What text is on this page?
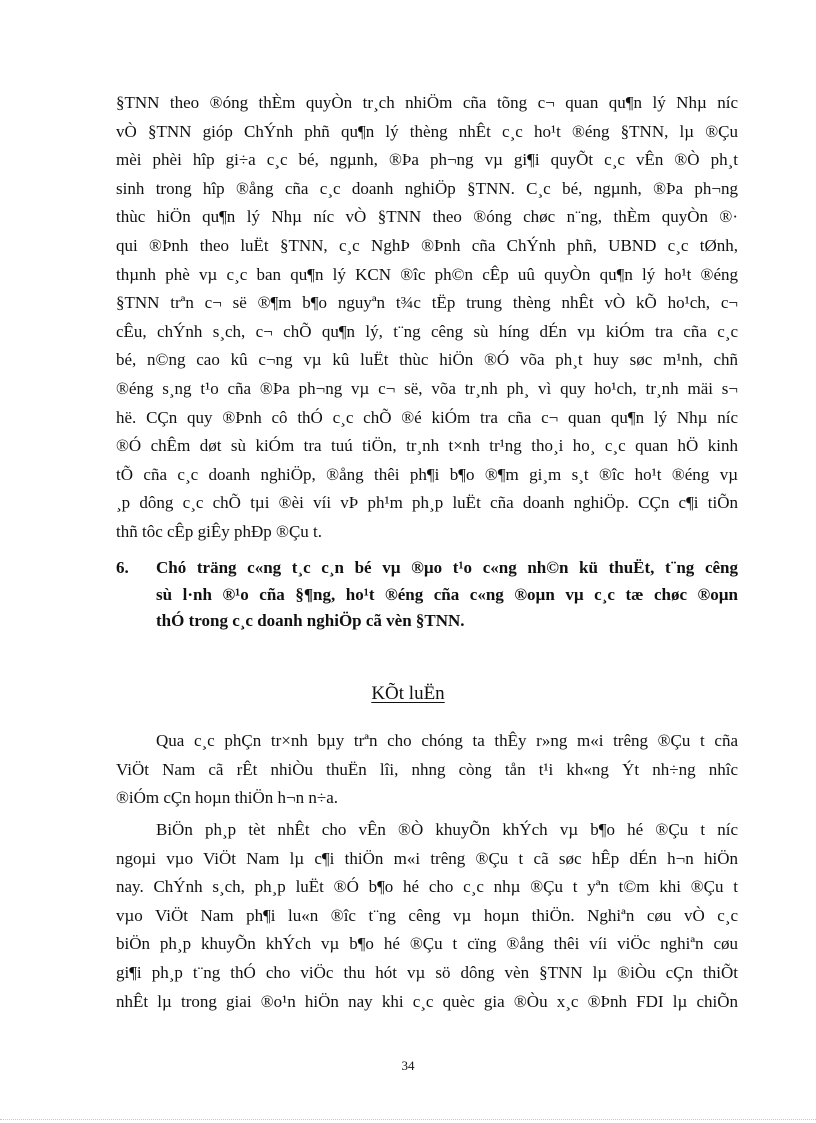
§TNN theo ®óng thÈm quyÒn tr¸ch nhiÖm cña tõng c¬ quan qu¶n lý Nhµ níc
vÒ §TNN gióp ChÝnh phñ qu¶n lý thèng nhÊt c¸c ho¹t ®éng §TNN, lµ ®Çu
mèi phèi hîp gi÷a c¸c bé, ngµnh, ®Þa ph¬ng vµ gi¶i quyÕt c¸c vÊn ®Ò ph¸t
sinh trong hîp ®ång cña c¸c doanh nghiÖp §TNN. C¸c bé, ngµnh, ®Þa ph¬ng
thùc hiÖn qu¶n lý Nhµ níc vÒ §TNN theo ®óng chøc n¨ng, thÈm quyÒn ®·
qui ®Þnh theo luËt §TNN, c¸c NghÞ ®Þnh cña ChÝnh phñ, UBND c¸c tØnh,
thµnh phè vµ c¸c ban qu¶n lý KCN ®îc ph©n cÊp uû quyÒn qu¶n lý ho¹t ®éng
§TNN trªn c¬ së ®¶m b¶o nguyªn t¾c tËp trung thèng nhÊt vÒ kÕ ho¹ch, c¬
cÊu, chÝnh s¸ch, c¬ chÕ qu¶n lý, t¨ng cêng sù híng dÉn vµ kiÓm tra cña c¸c
bé, n©ng cao kû c¬ng vµ kû luËt thùc hiÖn ®Ó võa ph¸t huy søc m¹nh, chñ
®éng s¸ng t¹o cña ®Þa ph¬ng vµ c¬ së, võa tr¸nh ph¸ vì quy ho¹ch, tr¸nh mäi s¬
hë. CÇn quy ®Þnh cô thÓ c¸c chÕ ®é kiÓm tra cña c¬ quan qu¶n lý Nhµ níc
®Ó chÊm døt sù kiÓm tra tuú tiÖn, tr¸nh t×nh tr¹ng tho¸i ho¸ c¸c quan hÖ kinh
tÕ cña c¸c doanh nghiÖp, ®ång thêi ph¶i b¶o ®¶m gi¸m s¸t ®îc ho¹t ®éng vµ
¸p dông c¸c chÕ tµi ®èi víi vÞ ph¹m ph¸p luËt cña doanh nghiÖp. CÇn c¶i tiÕn
thñ tôc cÊp giÊy phÐp ®Çu t.
6. Chó träng c«ng t¸c c¸n bé vµ ®µo t¹o c«ng nh©n kü thuËt, t¨ng cêng
sù l·nh ®¹o cña §¶ng, ho¹t ®éng cña c«ng ®oµn vµ c¸c tæ chøc ®oµn
thÓ trong c¸c doanh nghiÖp cã vèn §TNN.
KÕt luËn
Qua c¸c phÇn tr×nh bµy trªn cho chóng ta thÊy r»ng m«i trêng ®Çu t cña
ViÖt Nam cã rÊt nhiÒu thuËn lîi, nhng còng tån t¹i kh«ng Ýt nh÷ng nhîc
®iÓm cÇn hoµn thiÖn h¬n n÷a.
BiÖn ph¸p tèt nhÊt cho vÊn ®Ò khuyÕn khÝch vµ b¶o hé ®Çu t níc
ngoµi vµo ViÖt Nam lµ c¶i thiÖn m«i trêng ®Çu t cã søc hÊp dÉn h¬n hiÖn
nay. ChÝnh s¸ch, ph¸p luËt ®Ó b¶o hé cho c¸c nhµ ®Çu t yªn t©m khi ®Çu t
vµo ViÖt Nam ph¶i lu«n ®îc t¨ng cêng vµ hoµn thiÖn. Nghiªn cøu vÒ c¸c
biÖn ph¸p khuyÕn khÝch vµ b¶o hé ®Çu t cïng ®ång thêi víi viÖc nghiªn cøu
gi¶i ph¸p t¨ng thÓ cho viÖc thu hót vµ sö dông vèn §TNN lµ ®iÒu cÇn thiÕt
nhÊt lµ trong giai ®o¹n hiÖn nay khi c¸c quèc gia ®Òu x¸c ®Þnh FDI lµ chiÕn
34
